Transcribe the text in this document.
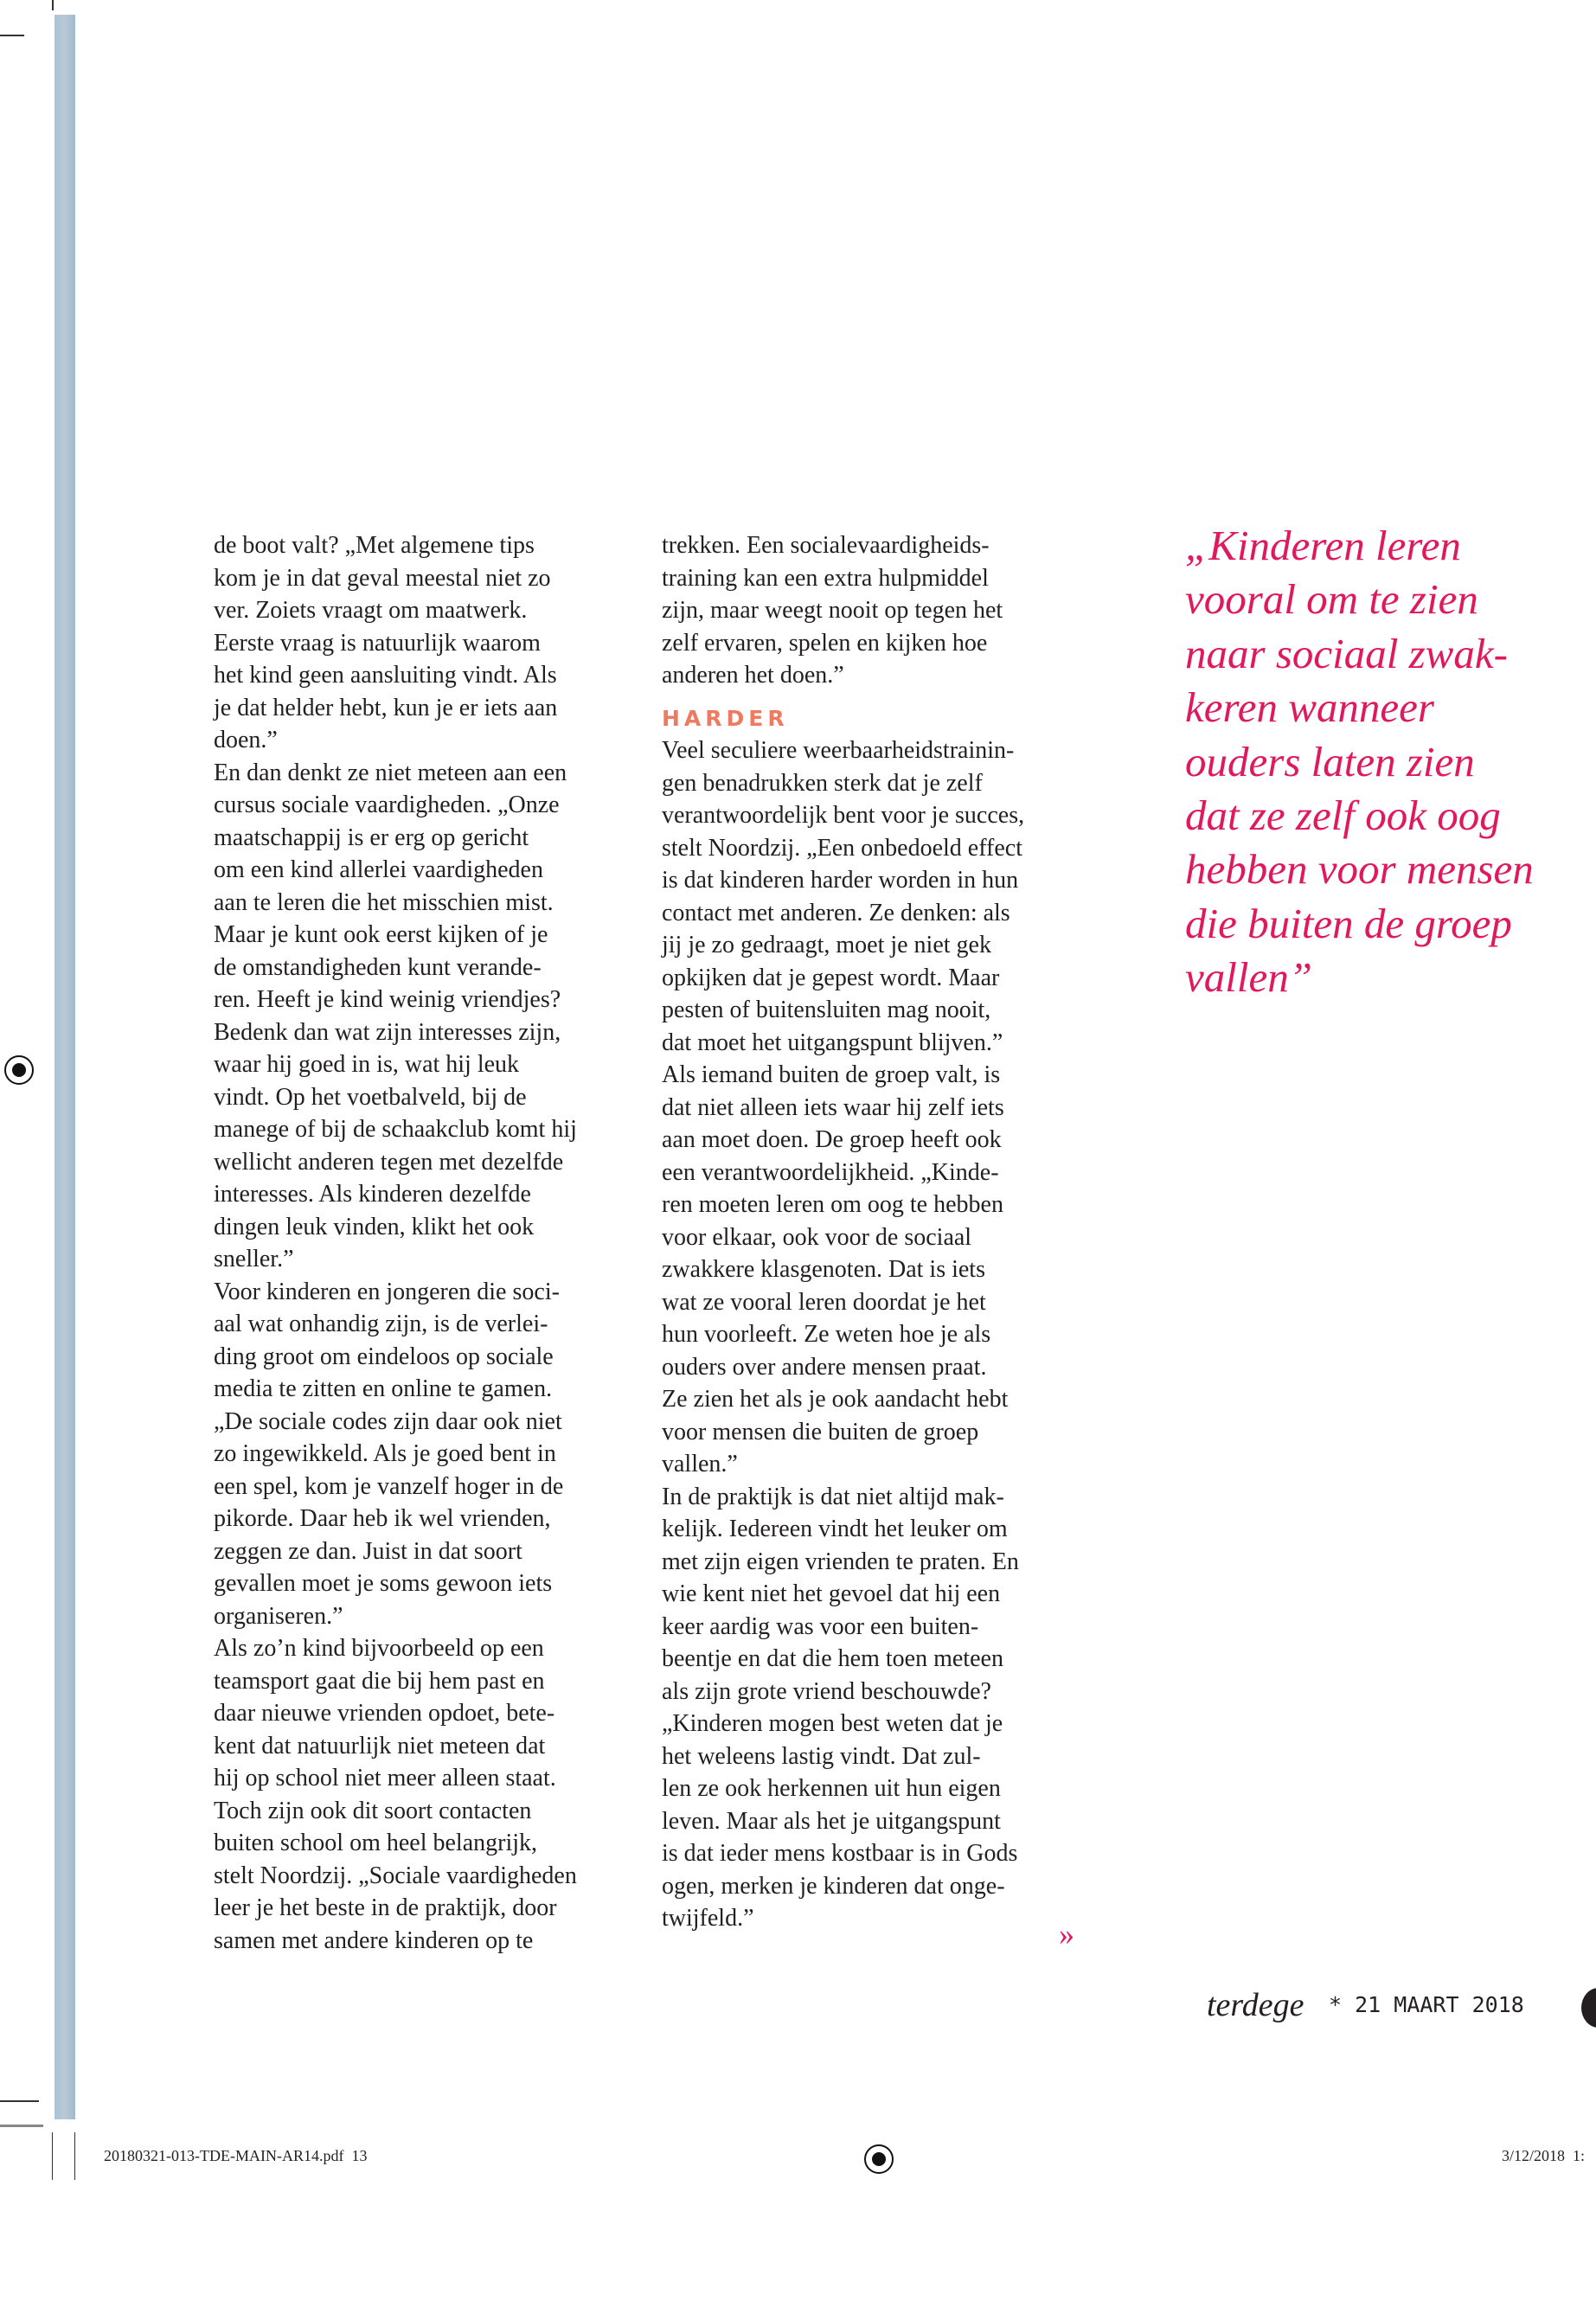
de boot valt? „Met algemene tips
kom je in dat geval meestal niet zo
ver. Zoiets vraagt om maatwerk.
Eerste vraag is natuurlijk waarom
het kind geen aansluiting vindt. Als
je dat helder hebt, kun je er iets aan
doen.”
En dan denkt ze niet meteen aan een
cursus sociale vaardigheden. „Onze
maatschappij is er erg op gericht
om een kind allerlei vaardigheden
aan te leren die het misschien mist.
Maar je kunt ook eerst kijken of je
de omstandigheden kunt verande-
ren. Heeft je kind weinig vriendjes?
Bedenk dan wat zijn interesses zijn,
waar hij goed in is, wat hij leuk
vindt. Op het voetbalveld, bij de
manege of bij de schaakclub komt hij
wellicht anderen tegen met dezelfde
interesses. Als kinderen dezelfde
dingen leuk vinden, klikt het ook
sneller.”
Voor kinderen en jongeren die soci-
aal wat onhandig zijn, is de verlei-
ding groot om eindeloos op sociale
media te zitten en online te gamen.
„De sociale codes zijn daar ook niet
zo ingewikkeld. Als je goed bent in
een spel, kom je vanzelf hoger in de
pikorde. Daar heb ik wel vrienden,
zeggen ze dan. Juist in dat soort
gevallen moet je soms gewoon iets
organiseren.”
Als zo’n kind bijvoorbeeld op een
teamsport gaat die bij hem past en
daar nieuwe vrienden opdoet, bete-
kent dat natuurlijk niet meteen dat
hij op school niet meer alleen staat.
Toch zijn ook dit soort contacten
buiten school om heel belangrijk,
stelt Noordzij. „Sociale vaardigheden
leer je het beste in de praktijk, door
samen met andere kinderen op te
trekken. Een socialevaardigheids-
training kan een extra hulpmiddel
zijn, maar weegt nooit op tegen het
zelf ervaren, spelen en kijken hoe
anderen het doen.”
HARDER
Veel seculiere weerbaarheidstrainin-
gen benadrukken sterk dat je zelf
verantwoordelijk bent voor je succes,
stelt Noordzij. „Een onbedoeld effect
is dat kinderen harder worden in hun
contact met anderen. Ze denken: als
jij je zo gedraagt, moet je niet gek
opkijken dat je gepest wordt. Maar
pesten of buitensluiten mag nooit,
dat moet het uitgangspunt blijven.”
Als iemand buiten de groep valt, is
dat niet alleen iets waar hij zelf iets
aan moet doen. De groep heeft ook
een verantwoordelijkheid. „Kinde-
ren moeten leren om oog te hebben
voor elkaar, ook voor de sociaal
zwakkere klasgenoten. Dat is iets
wat ze vooral leren doordat je het
hun voorleeft. Ze weten hoe je als
ouders over andere mensen praat.
Ze zien het als je ook aandacht hebt
voor mensen die buiten de groep
vallen.”
In de praktijk is dat niet altijd mak-
kelijk. Iedereen vindt het leuker om
met zijn eigen vrienden te praten. En
wie kent niet het gevoel dat hij een
keer aardig was voor een buiten-
beentje en dat die hem toen meteen
als zijn grote vriend beschouwde?
„Kinderen mogen best weten dat je
het weleens lastig vindt. Dat zul-
len ze ook herkennen uit hun eigen
leven. Maar als het je uitgangspunt
is dat ieder mens kostbaar is in Gods
ogen, merken je kinderen dat onge-
twijfeld.”
„Kinderen leren
vooral om te zien
naar sociaal zwak-
keren wanneer
ouders laten zien
dat ze zelf ook oog
hebben voor mensen
die buiten de groep
vallen”
»
terdege * 21 MAART 2018
20180321-013-TDE-MAIN-AR14.pdf  13	3/12/2018  1:
